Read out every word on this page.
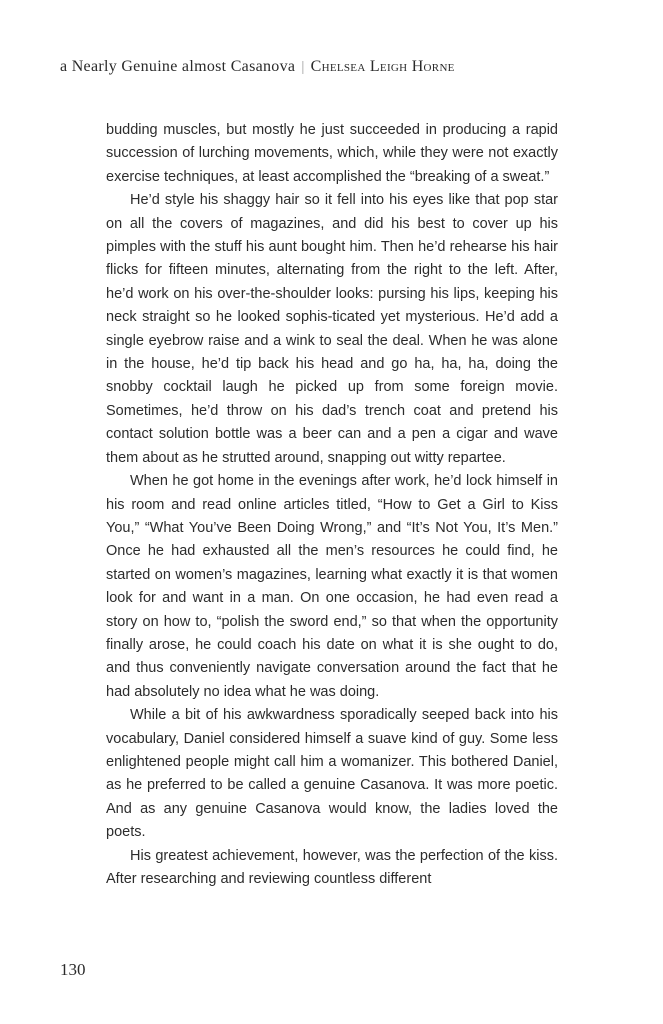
a Nearly Genuine almost Casanova | Chelsea Leigh Horne

budding muscles, but mostly he just succeeded in producing a rapid succession of lurching movements, which, while they were not exactly exercise techniques, at least accomplished the “breaking of a sweat.”

He’d style his shaggy hair so it fell into his eyes like that pop star on all the covers of magazines, and did his best to cover up his pimples with the stuff his aunt bought him. Then he’d rehearse his hair flicks for fifteen minutes, alternating from the right to the left. After, he’d work on his over-the-shoulder looks: pursing his lips, keeping his neck straight so he looked sophis-ticated yet mysterious. He’d add a single eyebrow raise and a wink to seal the deal. When he was alone in the house, he’d tip back his head and go ha, ha, ha, doing the snobby cocktail laugh he picked up from some foreign movie. Sometimes, he’d throw on his dad’s trench coat and pretend his contact solution bottle was a beer can and a pen a cigar and wave them about as he strutted around, snapping out witty repartee.

When he got home in the evenings after work, he’d lock himself in his room and read online articles titled, “How to Get a Girl to Kiss You,” “What You’ve Been Doing Wrong,” and “It’s Not You, It’s Men.” Once he had exhausted all the men’s resources he could find, he started on women’s magazines, learning what exactly it is that women look for and want in a man. On one occasion, he had even read a story on how to, “polish the sword end,” so that when the opportunity finally arose, he could coach his date on what it is she ought to do, and thus conveniently navigate conversation around the fact that he had absolutely no idea what he was doing.

While a bit of his awkwardness sporadically seeped back into his vocabulary, Daniel considered himself a suave kind of guy. Some less enlightened people might call him a womanizer. This bothered Daniel, as he preferred to be called a genuine Casanova. It was more poetic. And as any genuine Casanova would know, the ladies loved the poets.

His greatest achievement, however, was the perfection of the kiss. After researching and reviewing countless different

130
